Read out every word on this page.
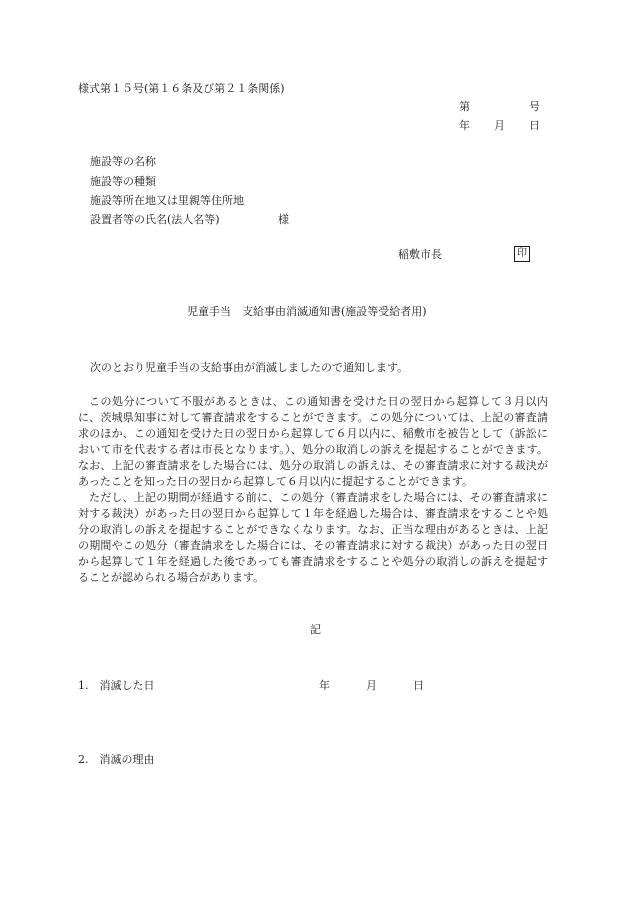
様式第１５号(第１６条及び第２１条関係)
第	号
年 月 日
施設等の名称
施設等の種類
施設等所在地又は里親等住所地
設置者等の氏名(法人名等)	様
稲敷市長	印
児童手当　支給事由消滅通知書(施設等受給者用)
次のとおり児童手当の支給事由が消滅しましたので通知します。

この処分について不服があるときは、この通知書を受けた日の翌日から起算して３月以内に、茨城県知事に対して審査請求をすることができます。この処分については、上記の審査請求のほか、この通知を受けた日の翌日から起算して６月以内に、稲敷市を被告として（訴訟において市を代表する者は市長となります。）、処分の取消しの訴えを提起することができます。なお、上記の審査請求をした場合には、処分の取消しの訴えは、その審査請求に対する裁決があったことを知った日の翌日から起算して６月以内に提起することができます。

ただし、上記の期間が経過する前に、この処分（審査請求をした場合には、その審査請求に対する裁決）があった日の翌日から起算して１年を経過した場合は、審査請求をすることや処分の取消しの訴えを提起することができなくなります。なお、正当な理由があるときは、上記の期間やこの処分（審査請求をした場合には、その審査請求に対する裁決）があった日の翌日から起算して１年を経過した後であっても審査請求をすることや処分の取消しの訴えを提起することが認められる場合があります。

記
1.　消滅した日	年	月	日
2.　消滅の理由
